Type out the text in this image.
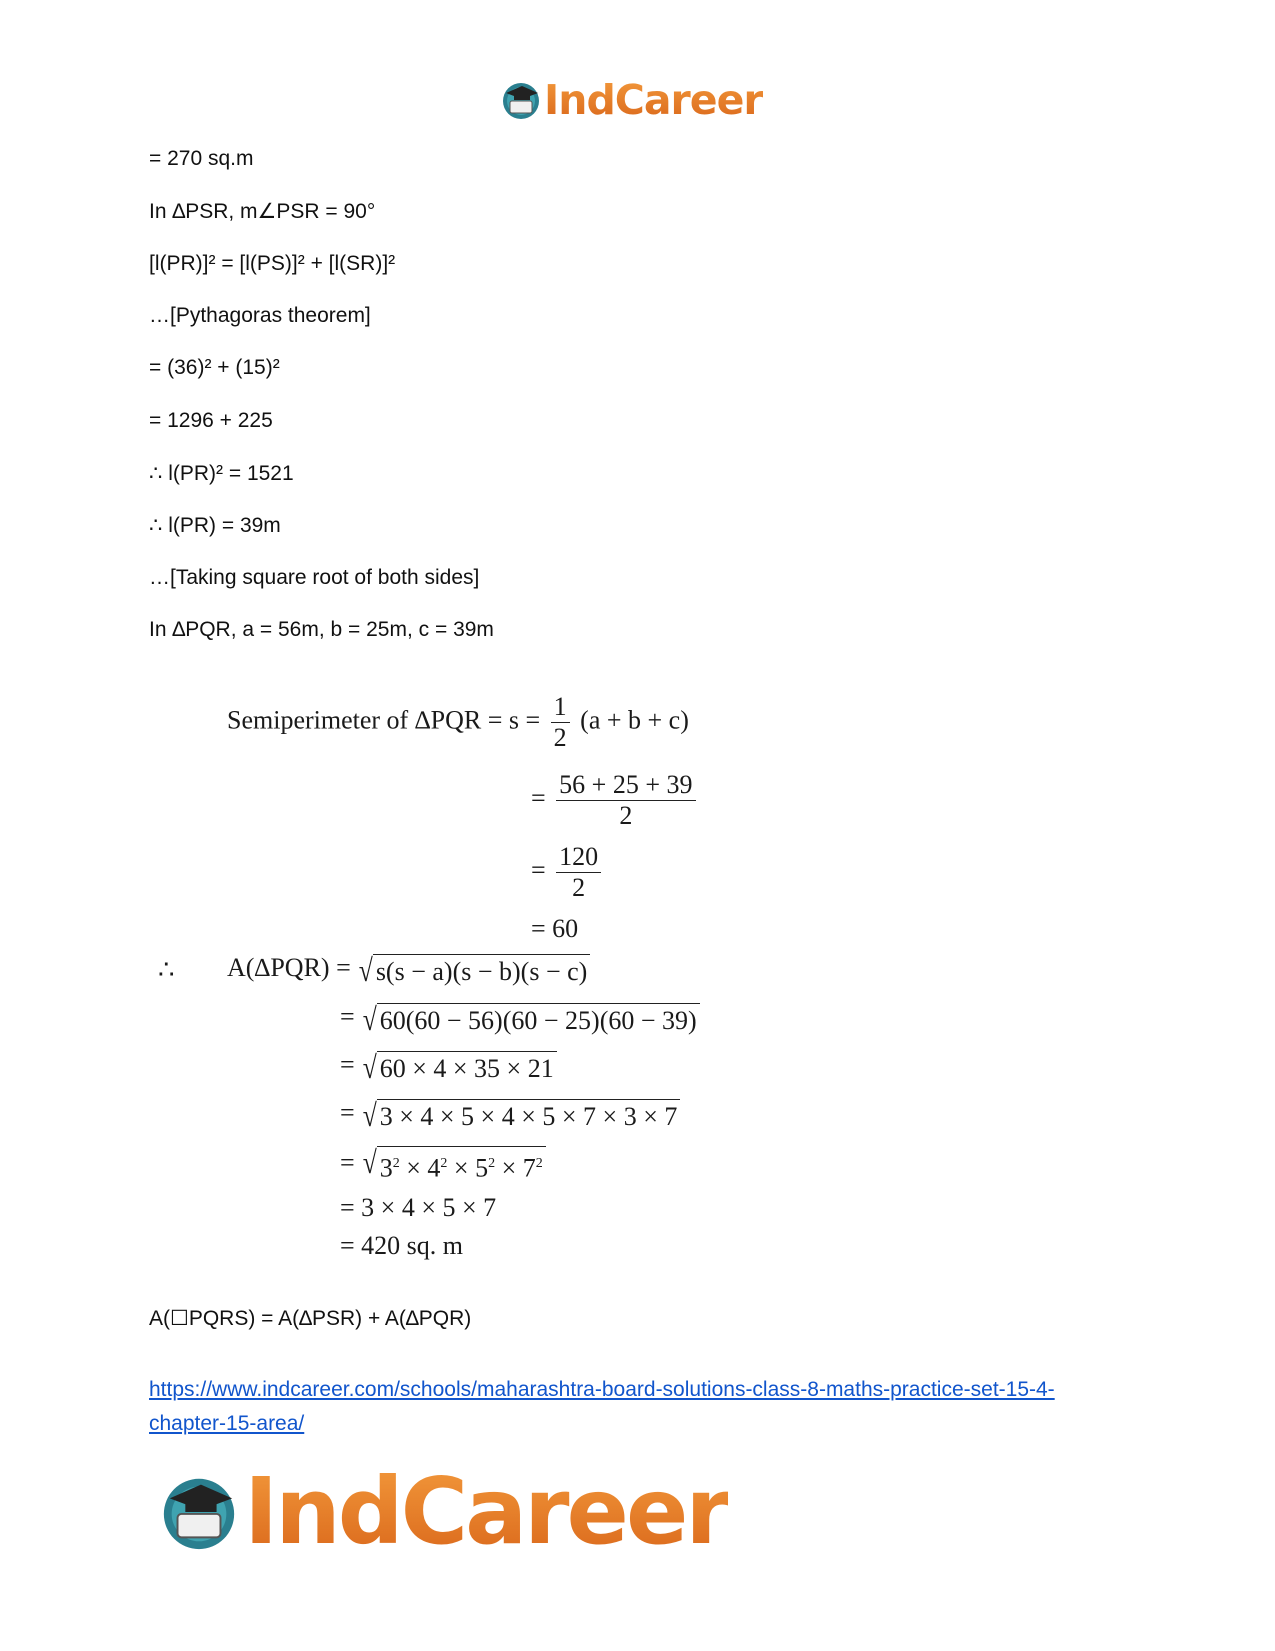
IndCareer
= 270 sq.m
In ∆PSR, m∠PSR = 90°
[l(PR)]² = [l(PS)]² + [l(SR)]²
…[Pythagoras theorem]
= (36)² + (15)²
= 1296 + 225
∴ l(PR)² = 1521
∴ l(PR) = 39m
…[Taking square root of both sides]
In ∆PQR, a = 56m, b = 25m, c = 39m
Semiperimeter of $\Delta PQR = s = \frac{1}{2} (a + b + c)$
= $\frac{56 + 25 + 39}{2}$
= $\frac{120}{2}$
= 60
∴ A(∆PQR) = √ s(s − a)(s − b)(s − c)
= √ 60(60 − 56)(60 − 25)(60 − 39)
= √ 60 × 4 × 35 × 21
= √ 3 × 4 × 5 × 4 × 5 × 7 × 3 × 7
= √ $3^2 \times 4^2 \times 5^2 \times 7^2$
= 3 × 4 × 5 × 7
= 420 sq. m
A(☐PQRS) = A(∆PSR) + A(∆PQR)
https://www.indcareer.com/schools/maharashtra-board-solutions-class-8-maths-practice-set-15-4-chapter-15-area/
IndCareer
